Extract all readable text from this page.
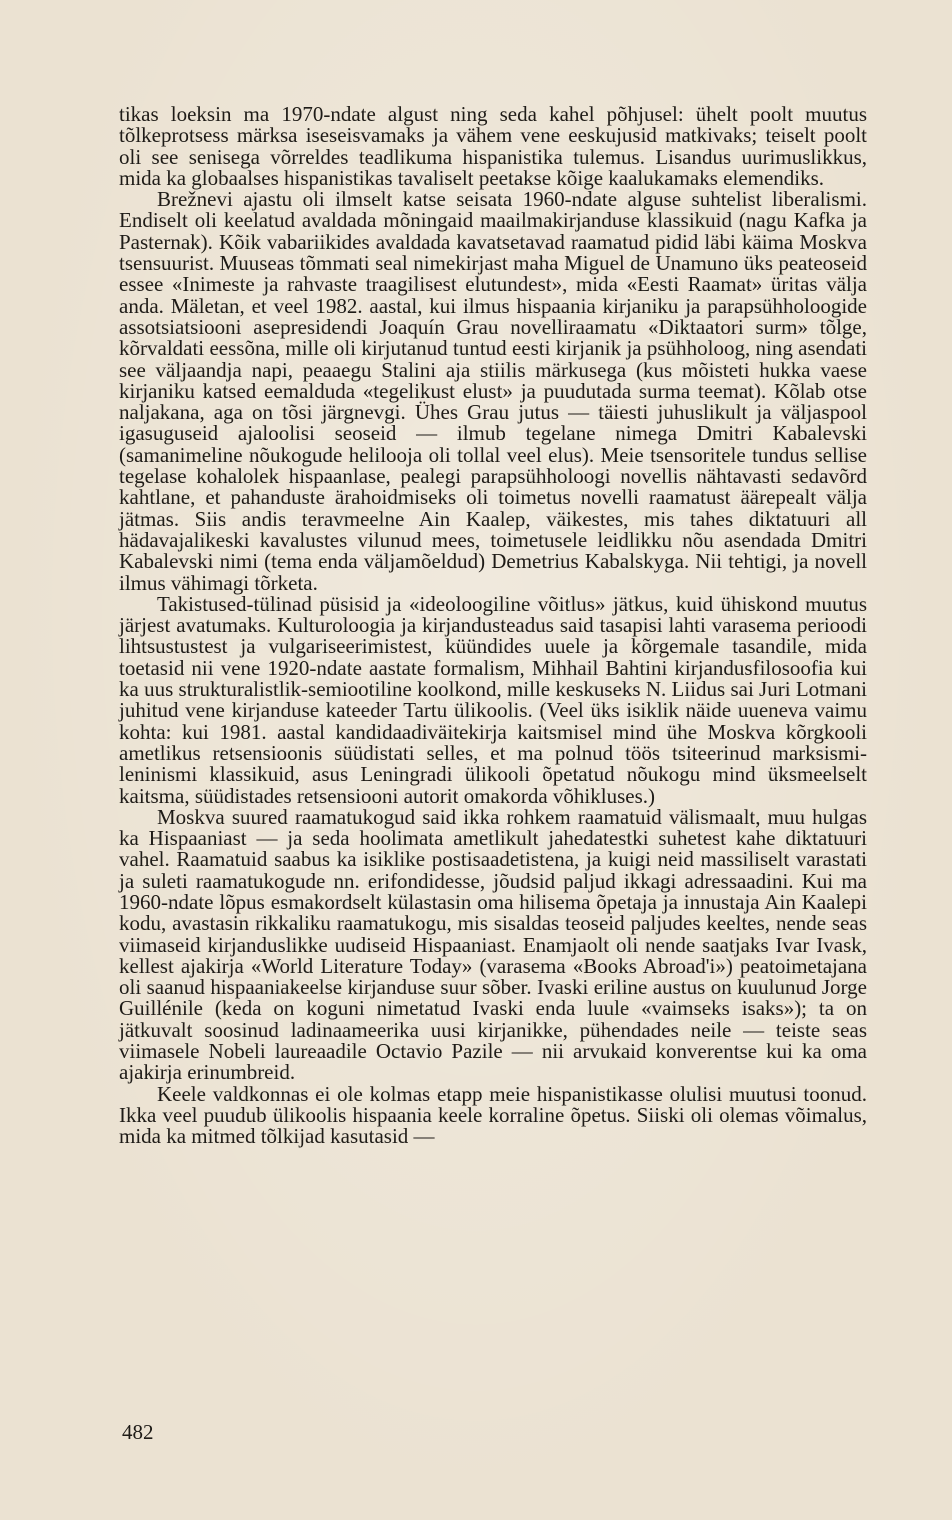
tikas loeksin ma 1970-ndate algust ning seda kahel põhjusel: ühelt poolt muutus tõlkeprotsess märksa iseseisvamaks ja vähem vene eeskujusid matkivaks; teiselt poolt oli see senisega võrreldes teadlikuma hispanistika tulemus. Lisandus uurimuslikkus, mida ka globaalses hispanistikas tavaliselt peetakse kõige kaalukamaks elemendiks.

Brežnevi ajastu oli ilmselt katse seisata 1960-ndate alguse suhtelist liberalismi. Endiselt oli keelatud avaldada mõningaid maailmakirjanduse klassikuid (nagu Kafka ja Pasternak). Kõik vabariikides avaldada kavatsetavad raamatud pidid läbi käima Moskva tsensuurist. Muuseas tõmmati seal nimekirjast maha Miguel de Unamuno üks peateoseid essee «Inimeste ja rahvaste traagilisest elutundest», mida «Eesti Raamat» üritas välja anda. Mäletan, et veel 1982. aastal, kui ilmus hispaania kirjaniku ja parapsühholoogide assotsiatsiooni asepresidendi Joaquín Grau novelliraamatu «Diktaatori surm» tõlge, kõrvaldati eessõna, mille oli kirjutanud tuntud eesti kirjanik ja psühholoog, ning asendati see väljaandja napi, peaaegu Stalini aja stiilis märkusega (kus mõisteti hukka vaese kirjaniku katsed eemalduda «tegelikust elust» ja puudutada surma teemat). Kõlab otse naljakana, aga on tõsi järgnevgi. Ühes Grau jutus — täiesti juhuslikult ja väljaspool igasuguseid ajaloolisi seoseid — ilmub tegelane nimega Dmitri Kabalevski (samanimeline nõukogude helilooja oli tollal veel elus). Meie tsensoritele tundus sellise tegelase kohalolek hispaanlase, pealegi parapsühholoogi novellis nähtavasti sedavõrd kahtlane, et pahanduste ärahoidmiseks oli toimetus novelli raamatust äärepealt välja jätmas. Siis andis teravmeelne Ain Kaalep, väikestes, mis tahes diktatuuri all hädavajalikeski kavalustes vilunud mees, toimetusele leidlikku nõu asendada Dmitri Kabalevski nimi (tema enda väljamõeldud) Demetrius Kabalskyga. Nii tehtigi, ja novell ilmus vähimagi tõrketa.

Takistused-tülinad püsisid ja «ideoloogiline võitlus» jätkus, kuid ühiskond muutus järjest avatumaks. Kulturoloogia ja kirjandusteadus said tasapisi lahti varasema perioodi lihtsustustest ja vulgariseerimistest, küündides uuele ja kõrgemale tasandile, mida toetasid nii vene 1920-ndate aastate formalism, Mihhail Bahtini kirjandusfilosoofia kui ka uus strukturalistlik-semiootiline koolkond, mille keskuseks N. Liidus sai Juri Lotmani juhitud vene kirjanduse kateeder Tartu ülikoolis. (Veel üks isiklik näide uueneva vaimu kohta: kui 1981. aastal kandidaadiväitekirja kaitsmisel mind ühe Moskva kõrgkooli ametlikus retsensioonis süüdistati selles, et ma polnud töös tsiteerinud marksismi-leninismi klassikuid, asus Leningradi ülikooli õpetatud nõukogu mind üksmeelselt kaitsma, süüdistades retsensiooni autorit omakorda võhikluses.)

Moskva suured raamatukogud said ikka rohkem raamatuid välismaalt, muu hulgas ka Hispaaniast — ja seda hoolimata ametlikult jahedatestki suhetest kahe diktatuuri vahel. Raamatuid saabus ka isiklike postisaadetistena, ja kuigi neid massiliselt varastati ja suleti raamatukogude nn. erifondidesse, jõudsid paljud ikkagi adressaadini. Kui ma 1960-ndate lõpus esmakordselt külastasin oma hilisema õpetaja ja innustaja Ain Kaalepi kodu, avastasin rikkaliku raamatukogu, mis sisaldas teoseid paljudes keeltes, nende seas viimaseid kirjanduslikke uudiseid Hispaaniast. Enamjaolt oli nende saatjaks Ivar Ivask, kellest ajakirja «World Literature Today» (varasema «Books Abroad'i») peatoimetajana oli saanud hispaaniakeelse kirjanduse suur sõber. Ivaski eriline austus on kuulunud Jorge Guillénile (keda on koguni nimetatud Ivaski enda luule «vaimseks isaks»); ta on jätkuvalt soosinud ladinaameerika uusi kirjanikke, pühendades neile — teiste seas viimasele Nobeli laureaadile Octavio Pazile — nii arvukaid konverentse kui ka oma ajakirja erinumbreid.

Keele valdkonnas ei ole kolmas etapp meie hispanistikasse olulisi muutusi toonud. Ikka veel puudub ülikoolis hispaania keele korraline õpetus. Siiski oli olemas võimalus, mida ka mitmed tõlkijad kasutasid —

482
